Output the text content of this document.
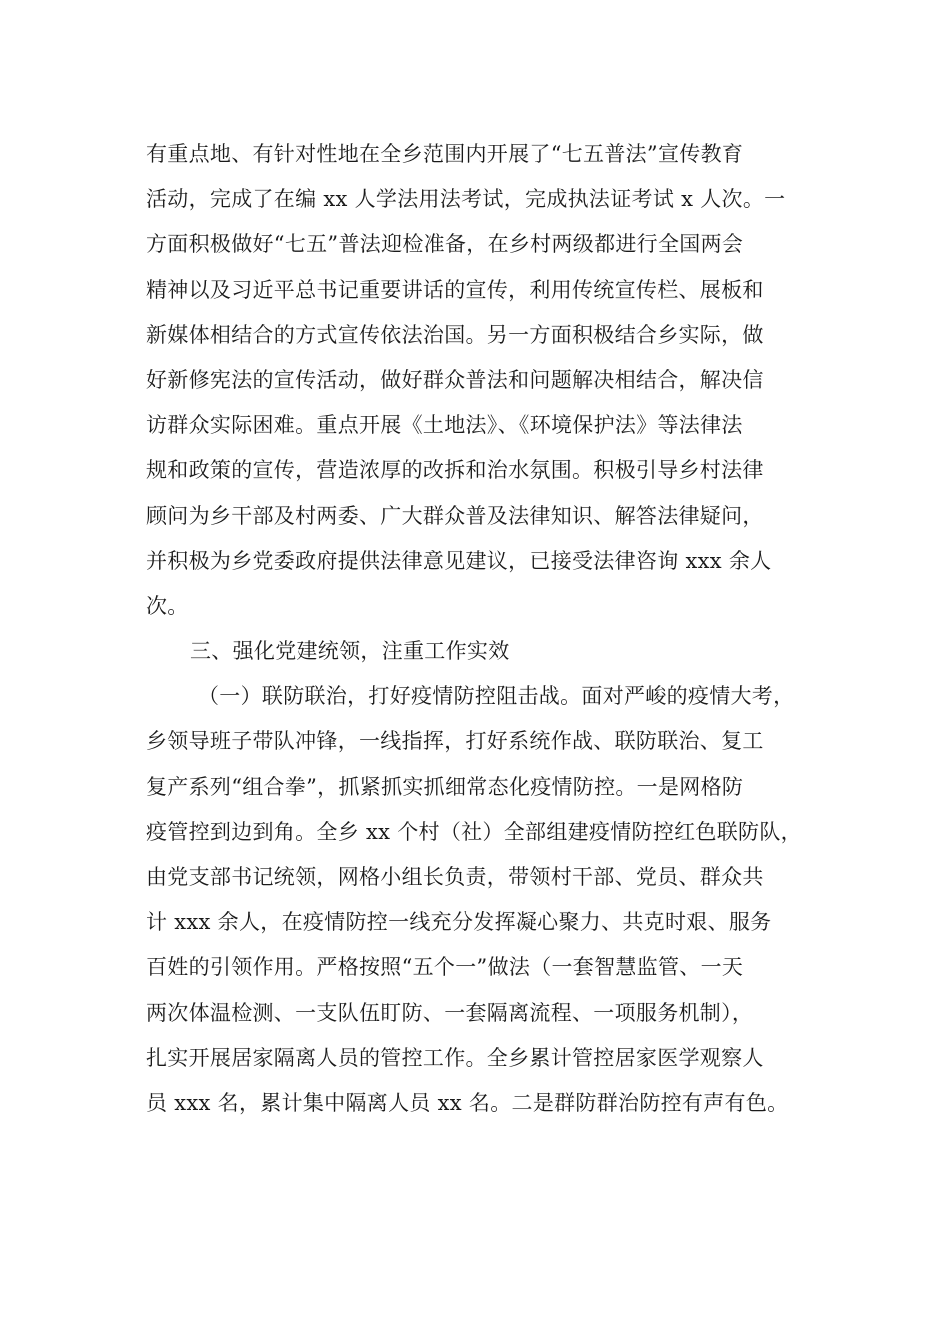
有重点地、有针对性地在全乡范围内开展了“七五普法”宣传教育
活动，完成了在编 xx 人学法用法考试，完成执法证考试 x 人次。一
方面积极做好“七五”普法迎检准备，在乡村两级都进行全国两会
精神以及习近平总书记重要讲话的宣传，利用传统宣传栏、展板和
新媒体相结合的方式宣传依法治国。另一方面积极结合乡实际，做
好新修宪法的宣传活动，做好群众普法和问题解决相结合，解决信
访群众实际困难。重点开展《土地法》、《环境保护法》等法律法
规和政策的宣传，营造浓厚的改拆和治水氛围。积极引导乡村法律
顾问为乡干部及村两委、广大群众普及法律知识、解答法律疑问，
并积极为乡党委政府提供法律意见建议，已接受法律咨询 xxx 余人
次。
三、强化党建统领，注重工作实效
（一）联防联治，打好疫情防控阻击战。面对严峻的疫情大考，
乡领导班子带队冲锋，一线指挥，打好系统作战、联防联治、复工
复产系列“组合拳”，抓紧抓实抓细常态化疫情防控。一是网格防
疫管控到边到角。全乡 xx 个村（社）全部组建疫情防控红色联防队，
由党支部书记统领，网格小组长负责，带领村干部、党员、群众共
计 xxx 余人，在疫情防控一线充分发挥凝心聚力、共克时艰、服务
百姓的引领作用。严格按照“五个一”做法（一套智慧监管、一天
两次体温检测、一支队伍盯防、一套隔离流程、一项服务机制），
扎实开展居家隔离人员的管控工作。全乡累计管控居家医学观察人
员 xxx 名，累计集中隔离人员 xx 名。二是群防群治防控有声有色。
